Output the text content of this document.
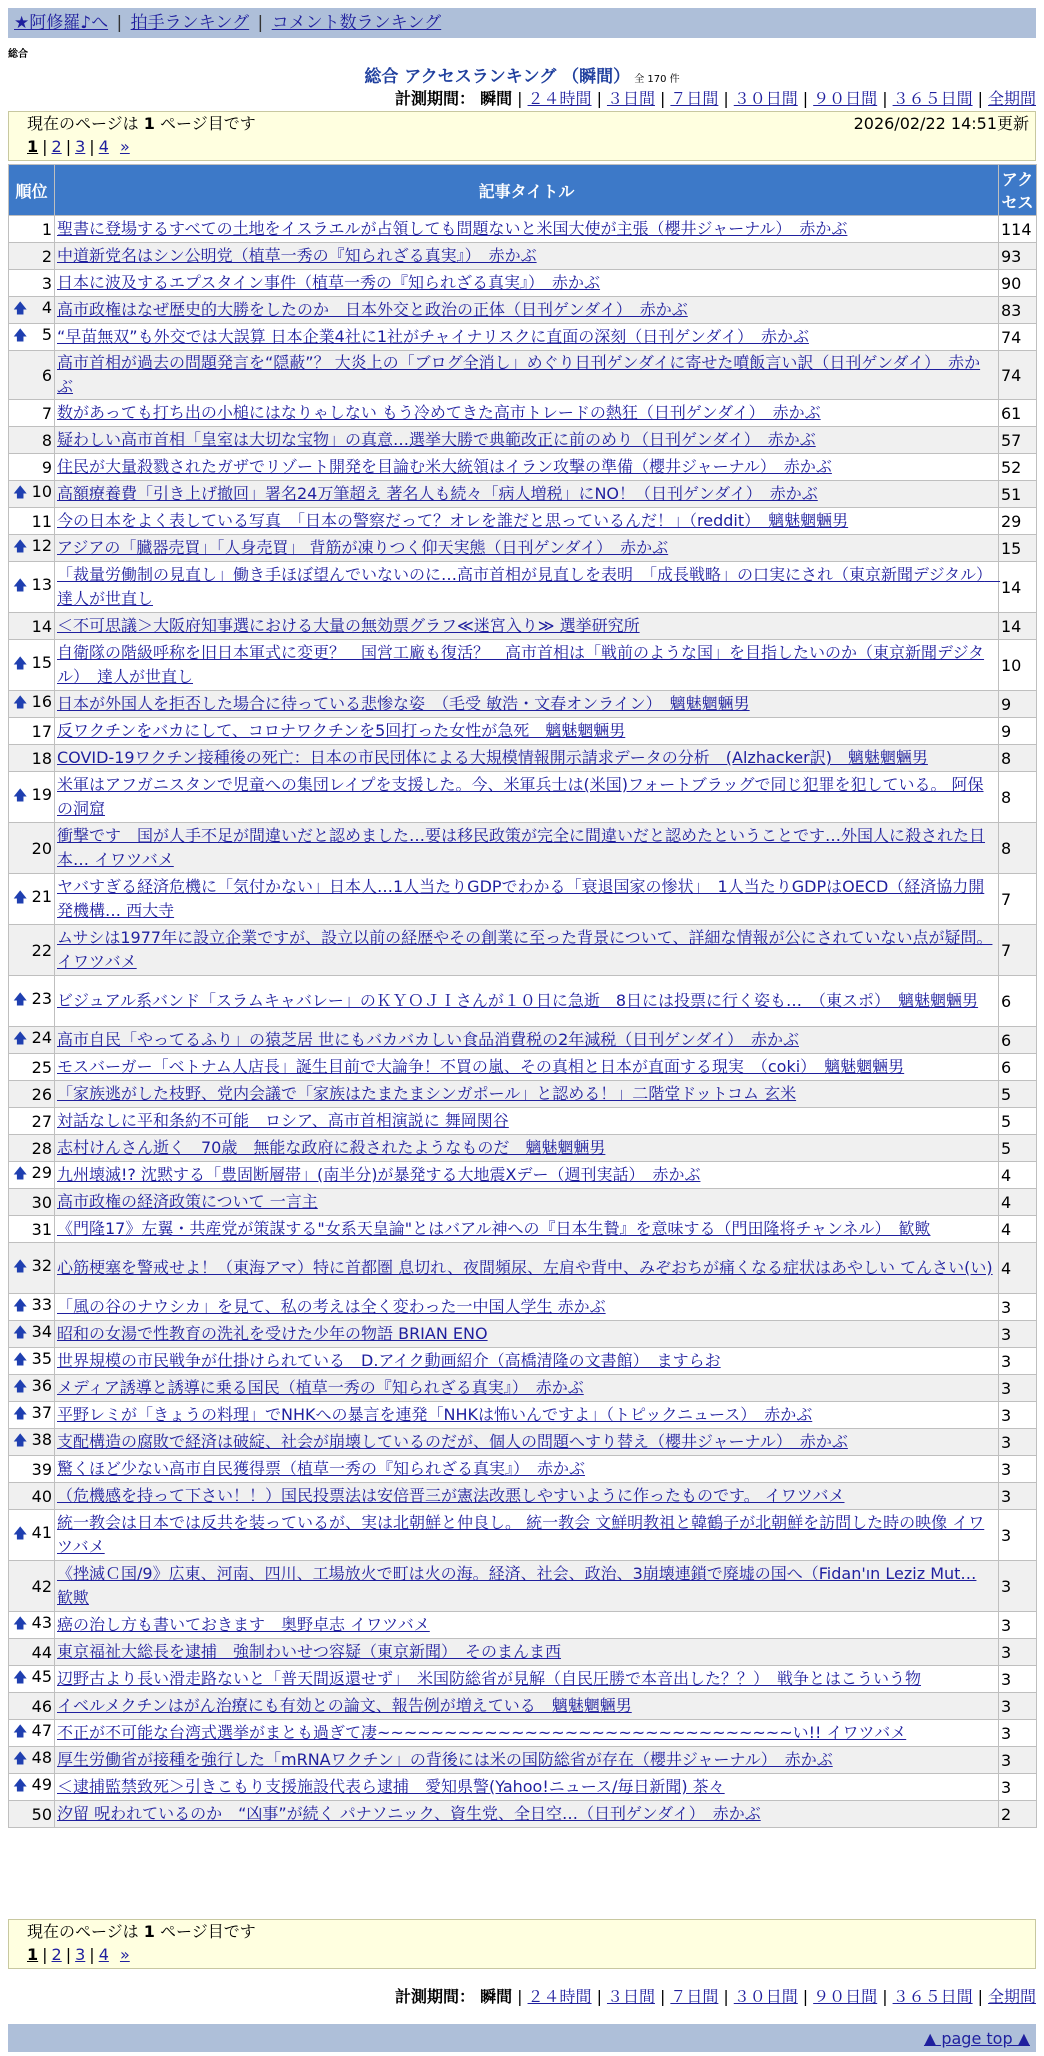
★阿修羅♪へ | 拍手ランキング | コメント数ランキング
総合
総合 アクセスランキング （瞬間） 全 170 件
計測期間： 瞬間 | ２４時間 | ３日間 | ７日間 | ３０日間 | ９０日間 | ３６５日間 | 全期間
現在のページは 1 ページ目です	2026/02/22 14:51更新
1 | 2 | 3 | 4 »
順位	記事タイトル	アクセス
1	聖書に登場するすべての土地をイスラエルが占領しても問題ないと米国大使が主張（櫻井ジャーナル）　赤かぶ	114
2	中道新党名はシン公明党（植草一秀の『知られざる真実』）　赤かぶ	93
3	日本に波及するエプスタイン事件（植草一秀の『知られざる真実』）　赤かぶ	90

🡅 4	高市政権はなぜ歴史的大勝をしたのか　日本外交と政治の正体（日刊ゲンダイ）　赤かぶ	83

🡅 5	“早苗無双”も外交では大誤算 日本企業4社に1社がチャイナリスクに直面の深刻（日刊ゲンダイ）　赤かぶ	74
6	高市首相が過去の問題発言を“隠蔽”？ 大炎上の「ブログ全消し」めぐり日刊ゲンダイに寄せた噴飯言い訳（日刊ゲンダイ）　赤かぶ	74
7	数があっても打ち出の小槌にはなりゃしない もう冷めてきた高市トレードの熱狂（日刊ゲンダイ）　赤かぶ	61
8	疑わしい高市首相「皇室は大切な宝物」の真意…選挙大勝で典範改正に前のめり（日刊ゲンダイ）　赤かぶ	57
9	住民が大量殺戮されたガザでリゾート開発を目論む米大統領はイラン攻撃の準備（櫻井ジャーナル）　赤かぶ	52

🡅 10	高額療養費「引き上げ撤回」署名24万筆超え 著名人も続々「病人増税」にNO！（日刊ゲンダイ）　赤かぶ	51
11	今の日本をよく表している写真　「日本の警察だって？オレを誰だと思っているんだ！」（reddit）　魑魅魍魎男	29

🡅 12	アジアの「臓器売買」「人身売買」 背筋が凍りつく仰天実態（日刊ゲンダイ）　赤かぶ	15

🡅 13	「裁量労働制の見直し」働き手ほぼ望んでいないのに…高市首相が見直しを表明　「成長戦略」の口実にされ（東京新聞デジタル）　達人が世直し	14
14	＜不可思議＞大阪府知事選における大量の無効票グラフ≪迷宮入り≫ 選挙研究所	14

🡅 15	自衛隊の階級呼称を旧日本軍式に変更？　国営工廠も復活？　高市首相は「戦前のような国」を目指したいのか（東京新聞デジタル）　達人が世直し	10

🡅 16	日本が外国人を拒否した場合に待っている悲惨な姿　（毛受 敏浩・文春オンライン）　魑魅魍魎男	9
17	反ワクチンをバカにして、コロナワクチンを5回打った女性が急死　魑魅魍魎男	9
18	COVID-19ワクチン接種後の死亡：日本の市民団体による大規模情報開示請求データの分析　(Alzhacker訳)　魑魅魍魎男	8

🡅 19	米軍はアフガニスタンで児童への集団レイプを支援した。今、米軍兵士は(米国)フォートブラッグで同じ犯罪を犯している。 阿保の洞窟	8
20	衝撃です　国が人手不足が間違いだと認めました…要は移民政策が完全に間違いだと認めたということです…外国人に殺された日本… イワツバメ	8

🡅 21	ヤバすぎる経済危機に「気付かない」日本人…1人当たりGDPでわかる「衰退国家の惨状」　1人当たりGDPはOECD（経済協力開発機構… 西大寺	7
22	ムサシは1977年に設立企業ですが、設立以前の経歴やその創業に至った背景について、詳細な情報が公にされていない点が疑問。 イワツバメ	7

🡅 23	ビジュアル系バンド「スラムキャバレー」のＫＹＯＪＩさんが１０日に急逝　8日には投票に行く姿も…　（東スポ）　魑魅魍魎男	6

🡅 24	高市自民「やってるふり」の猿芝居 世にもバカバカしい食品消費税の2年減税（日刊ゲンダイ）　赤かぶ	6
25	モスバーガー「ベトナム人店長」誕生目前で大論争！不買の嵐、その真相と日本が直面する現実　（coki）　魑魅魍魎男	6
26	「家族逃がした枝野、党内会議で「家族はたまたまシンガポール」と認める！」二階堂ドットコム 玄米	5
27	対話なしに平和条約不可能　ロシア、高市首相演説に 舞岡関谷	5
28	志村けんさん逝く　70歳　無能な政府に殺されたようなものだ　魑魅魍魎男	5

🡅 29	九州壊滅!? 沈黙する「豊固断層帯」(南半分)が暴発する大地震Xデー（週刊実話）　赤かぶ	4
30	高市政権の経済政策について 一言主	4
31	《門隆17》左翼・共産党が策謀する"女系天皇論"とはバアル神への『日本生贄』を意味する（門田隆将チャンネル）　歓歟	4

🡅 32	心筋梗塞を警戒せよ！（東海アマ）特に首都圏 息切れ、夜間頻尿、左肩や背中、みぞおちが痛くなる症状はあやしい てんさい(い)	4

🡅 33	「風の谷のナウシカ」を見て、私の考えは全く変わった一中国人学生 赤かぶ	3

🡅 34	昭和の女湯で性教育の洗礼を受けた少年の物語 BRIAN ENO	3

🡅 35	世界規模の市民戦争が仕掛けられている　D.アイク動画紹介（高橋清隆の文書館）　ますらお	3

🡅 36	メディア誘導と誘導に乗る国民（植草一秀の『知られざる真実』）　赤かぶ	3

🡅 37	平野レミが「きょうの料理」でNHKへの暴言を連発「NHKは怖いんですよ」（トピックニュース）　赤かぶ	3

🡅 38	支配構造の腐敗で経済は破綻、社会が崩壊しているのだが、個人の問題へすり替え（櫻井ジャーナル）　赤かぶ	3
39	驚くほど少ない高市自民獲得票（植草一秀の『知られざる真実』）　赤かぶ	3
40	（危機感を持って下さい！！）国民投票法は安倍晋三が憲法改悪しやすいように作ったものです。 イワツバメ	3

🡅 41	統一教会は日本では反共を装っているが、実は北朝鮮と仲良し。 統一教会 文鮮明教祖と韓鶴子が北朝鮮を訪問した時の映像 イワツバメ	3
42	《挫滅Ｃ国/9》広東、河南、四川、工場放火で町は火の海。経済、社会、政治、3崩壊連鎖で廃墟の国へ（Fidan'ın Leziz Mut… 歓歟	3

🡅 43	癌の治し方も書いておきます　奥野卓志 イワツバメ	3
44	東京福祉大総長を逮捕　強制わいせつ容疑（東京新聞）　そのまんま西	3

🡅 45	辺野古より長い滑走路ないと「普天間返還せず」　米国防総省が見解（自民圧勝で本音出した？？）　戦争とはこういう物	3
46	イベルメクチンはがん治療にも有効との論文、報告例が増えている　魑魅魍魎男	3

🡅 47	不正が不可能な台湾式選挙がまとも過ぎて凄~~~~~~~~~~~~~~~~~~~~~~~~~~~~~~~い!! イワツバメ	3

🡅 48	厚生労働省が接種を強行した「mRNAワクチン」の背後には米の国防総省が存在（櫻井ジャーナル）　赤かぶ	3

🡅 49	＜逮捕監禁致死＞引きこもり支援施設代表ら逮捕　愛知県警(Yahoo!ニュース/毎日新聞) 茶々	3
50	汐留 呪われているのか　“凶事”が続く パナソニック、資生党、全日空…（日刊ゲンダイ）　赤かぶ	2
現在のページは 1 ページ目です
1 | 2 | 3 | 4 »
計測期間： 瞬間 | ２４時間 | ３日間 | ７日間 | ３０日間 | ９０日間 | ３６５日間 | 全期間
▲ page top ▲
